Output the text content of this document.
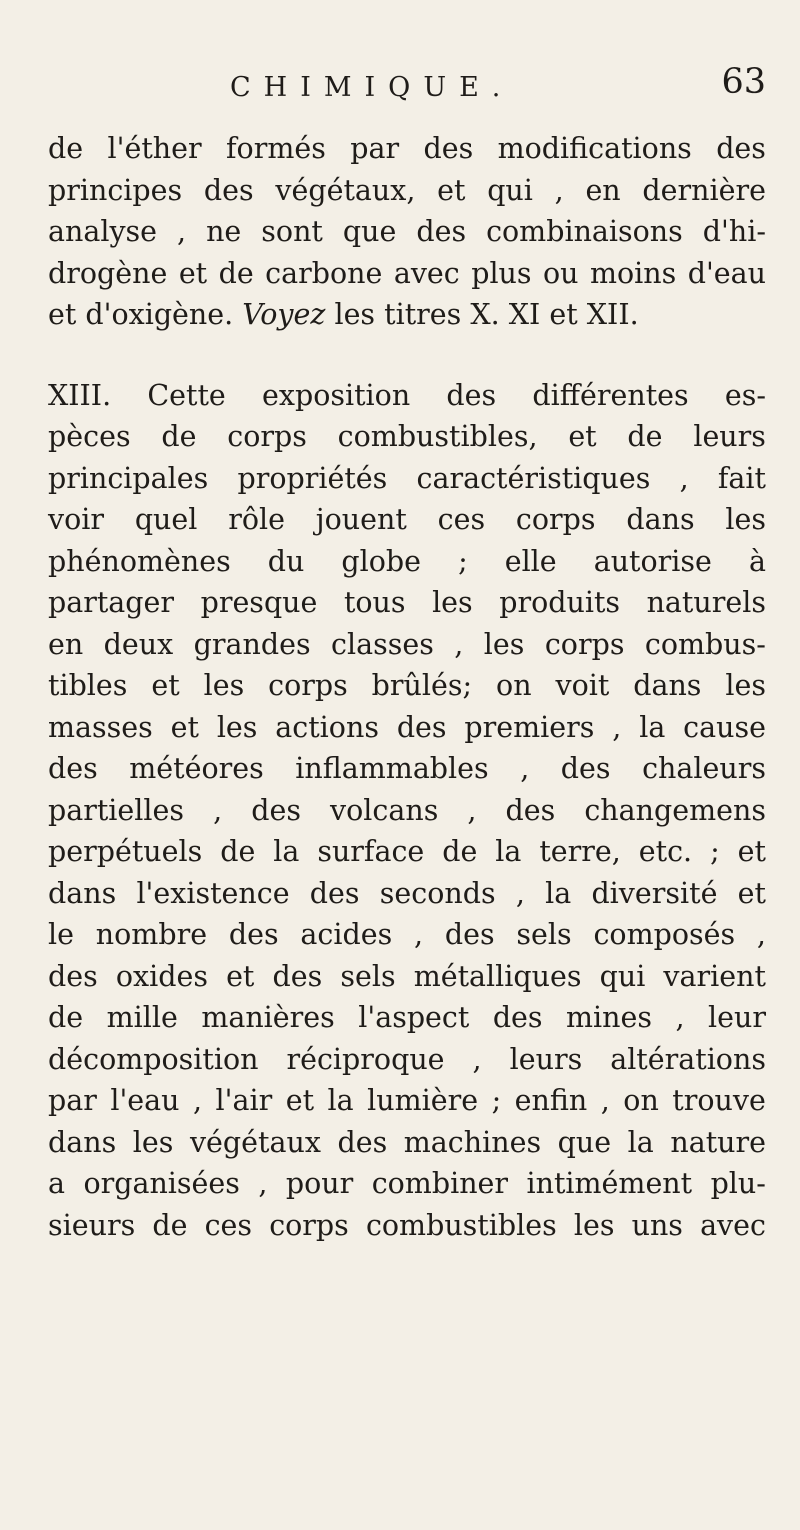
CHIMIQUE.	63
de l'éther formés par des modifications des
principes des végétaux, et qui , en dernière
analyse , ne sont que des combinaisons d'hi-
drogène et de carbone avec plus ou moins d'eau
et
d'oxigène.
Voyez
les
titres
X.
XI
et
XII.

XIII. Cette exposition des différentes es-
pèces de corps combustibles, et de leurs
principales propriétés caractéristiques , fait
voir quel rôle jouent ces corps dans les
phénomènes du globe ; elle autorise à
partager presque tous les produits naturels
en deux grandes classes , les corps combus-
tibles et les corps brûlés; on voit dans les
masses et les actions des premiers , la cause
des météores inflammables , des chaleurs
partielles , des volcans , des changemens
perpétuels de la surface de la terre, etc. ; et
dans l'existence des seconds , la diversité et
le nombre des acides , des sels composés ,
des oxides et des sels métalliques qui varient
de mille manières l'aspect des mines , leur
décomposition réciproque , leurs altérations
par l'eau , l'air et la lumière ; enfin , on trouve
dans les végétaux des machines que la nature
a organisées , pour combiner intimément plu-
sieurs de ces corps combustibles les uns avec
